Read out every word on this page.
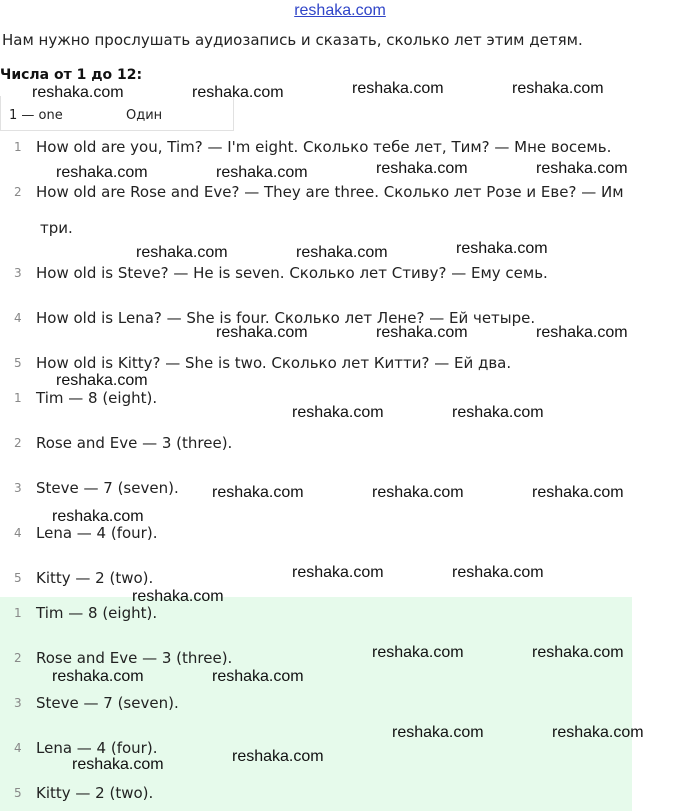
reshaka.com
Нам нужно прослушать аудиозапись и сказать, сколько лет этим детям.
Числа от 1 до 12:
1 — one	Один
1 How old are you, Tim? — I'm eight. Сколько тебе лет, Тим? — Мне восемь.
2 How old are Rose and Eve? — They are three. Сколько лет Розе и Еве? — Им
три.
3 How old is Steve? — He is seven. Сколько лет Стиву? — Ему семь.
4 How old is Lena? — She is four. Сколько лет Лене? — Ей четыре.
5 How old is Kitty? — She is two. Сколько лет Китти? — Ей два.
1 Tim — 8 (eight).
2 Rose and Eve — 3 (three).
3 Steve — 7 (seven).
4 Lena — 4 (four).
5 Kitty — 2 (two).
1 Tim — 8 (eight).
2 Rose and Eve — 3 (three).
3 Steve — 7 (seven).
4 Lena — 4 (four).
5 Kitty — 2 (two).
reshaka.com	reshaka.com	reshaka.com	reshaka.com
reshaka.com	reshaka.com	reshaka.com	reshaka.com
reshaka.com	reshaka.com	reshaka.com
reshaka.com	reshaka.com	reshaka.com
reshaka.com
reshaka.com	reshaka.com
reshaka.com	reshaka.com	reshaka.com
reshaka.com
reshaka.com	reshaka.com
reshaka.com
reshaka.com	reshaka.com
reshaka.com	reshaka.com
reshaka.com	reshaka.com
reshaka.com
reshaka.com
